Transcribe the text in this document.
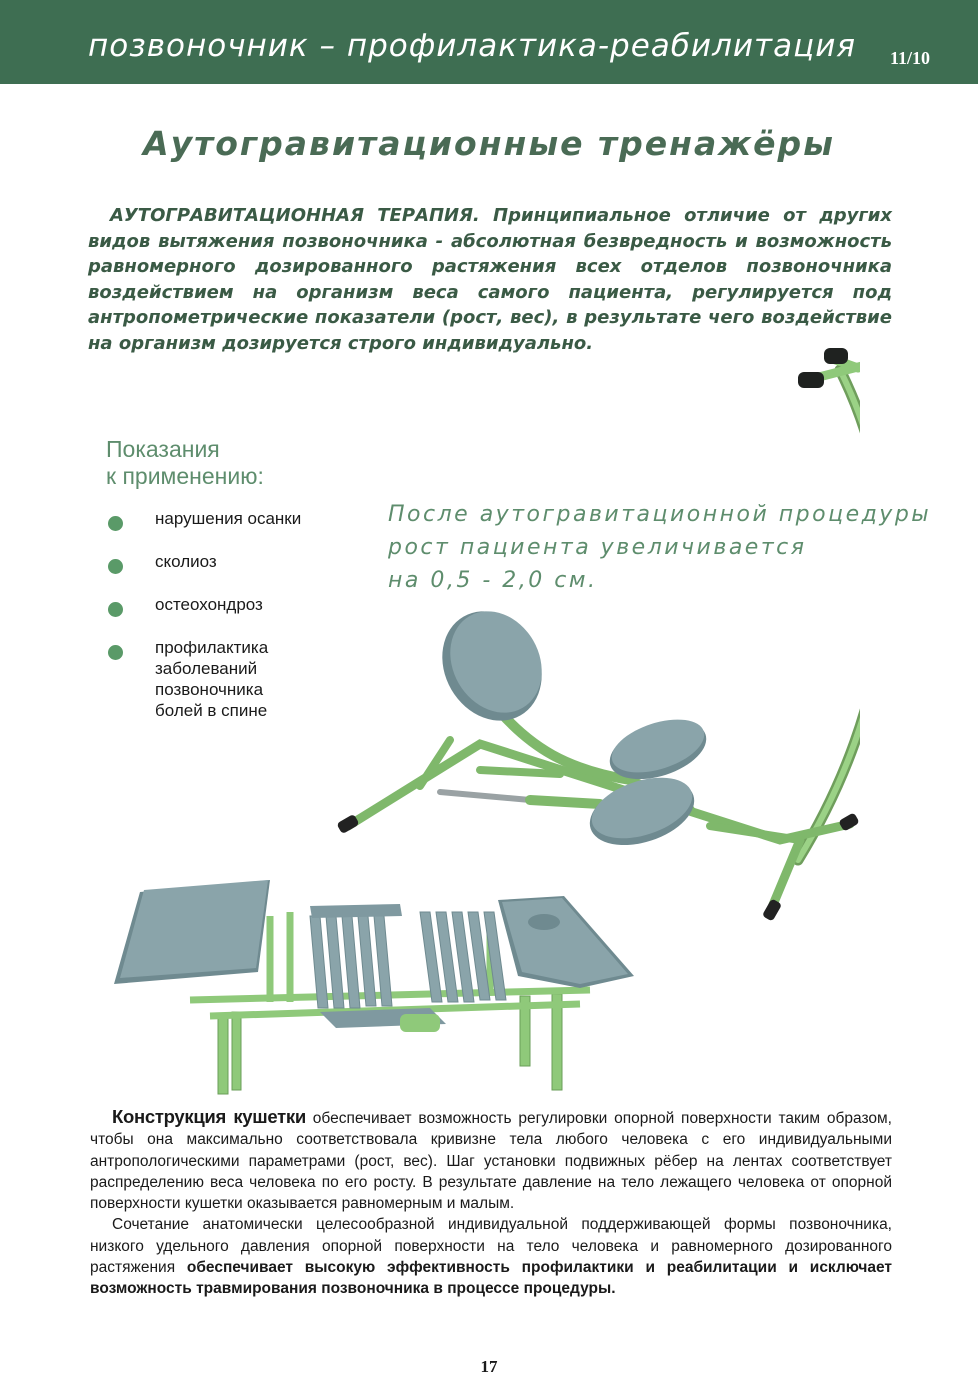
позвоночник – профилактика-реабилитация 11/10
Аутогравитационные тренажёры
АУТОГРАВИТАЦИОННАЯ ТЕРАПИЯ. Принципиальное отличие от других видов вытяжения позвоночника - абсолютная безвредность и возможность равномерного дозированного растяжения всех отделов позвоночника воздействием на организм веса самого пациента, регулируется под антропометрические показатели (рост, вес), в результате чего воздействие на организм дозируется строго индивидуально.
Показания
к применению:
нарушения осанки
сколиоз
остеохондроз
профилактика заболеваний позвоночника болей в спине
После аутогравитационной процедуры
рост пациента увеличивается
на 0,5 - 2,0 см.

Конструкция кушетки обеспечивает возможность регулировки опорной поверхности таким образом, чтобы она максимально соответствовала кривизне тела любого человека с его индивидуальными антропологическими параметрами (рост, вес). Шаг установки подвижных рёбер на лентах соответствует распределению веса человека по его росту. В результате давление на тело лежащего человека от опорной поверхности кушетки оказывается равномерным и малым.

Сочетание анатомически целесообразной индивидуальной поддерживающей формы позвоночника, низкого удельного давления опорной поверхности на тело человека и равномерного дозированного растяжения обеспечивает высокую эффективность профилактики и реабилитации и исключает возможность травмирования позвоночника в процессе процедуры.

17
